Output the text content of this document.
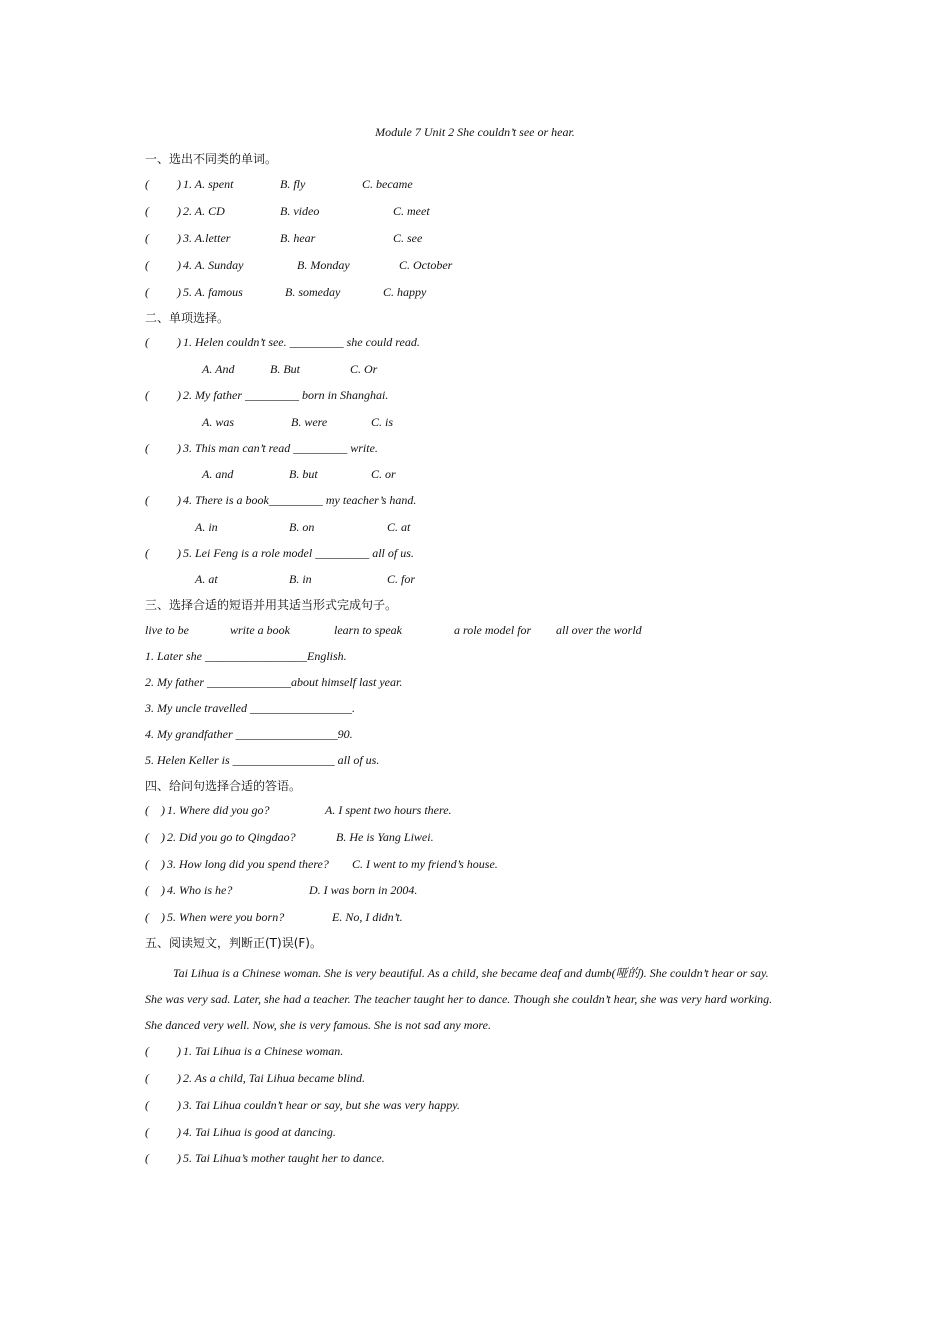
Module 7 Unit 2 She couldn’t see or hear.
一、选出不同类的单词。
( ) 1. A. spent	B. fly	C. became
( ) 2. A. CD	B. video	C. meet
( ) 3. A.letter	B. hear	C. see
( ) 4. A. Sunday	B. Monday	C. October
( ) 5. A. famous	B. someday	C. happy
二、单项选择。
( ) 1. Helen couldn’t see. _________ she could read.
A. And	B. But	C. Or
( ) 2. My father _________ born in Shanghai.
A. was	B. were	C. is
( ) 3. This man can’t read _________ write.
A. and	B. but	C. or
( ) 4. There is a book_________ my teacher’s hand.
A. in	B. on	C. at
( ) 5. Lei Feng is a role model _________ all of us.
A. at	B. in	C. for
三、选择合适的短语并用其适当形式完成句子。
live to be	write a book	learn to speak	a role model for all over the world
1. Later she _________________English.
2. My father ______________about himself last year.
3. My uncle travelled _________________.
4. My grandfather _________________90.
5. Helen Keller is _________________ all of us.
四、给问句选择合适的答语。
( ) 1. Where did you go?	A. I spent two hours there.
( ) 2. Did you go to Qingdao?	B. He is Yang Liwei.
( ) 3. How long did you spend there? C. I went to my friend’s house.
( ) 4. Who is he?	D. I was born in 2004.
( ) 5. When were you born?	E. No, I didn’t.
五、阅读短文，判断正(T)误(F)。
Tai Lihua is a Chinese woman. She is very beautiful. As a child, she became deaf and dumb(哑的). She couldn’t hear or say.
She was very sad. Later, she had a teacher. The teacher taught her to dance. Though she couldn’t hear, she was very hard working.
She danced very well. Now, she is very famous. She is not sad any more.
( ) 1. Tai Lihua is a Chinese woman.
( ) 2. As a child, Tai Lihua became blind.
( ) 3. Tai Lihua couldn’t hear or say, but she was very happy.
( ) 4. Tai Lihua is good at dancing.
( ) 5. Tai Lihua’s mother taught her to dance.
